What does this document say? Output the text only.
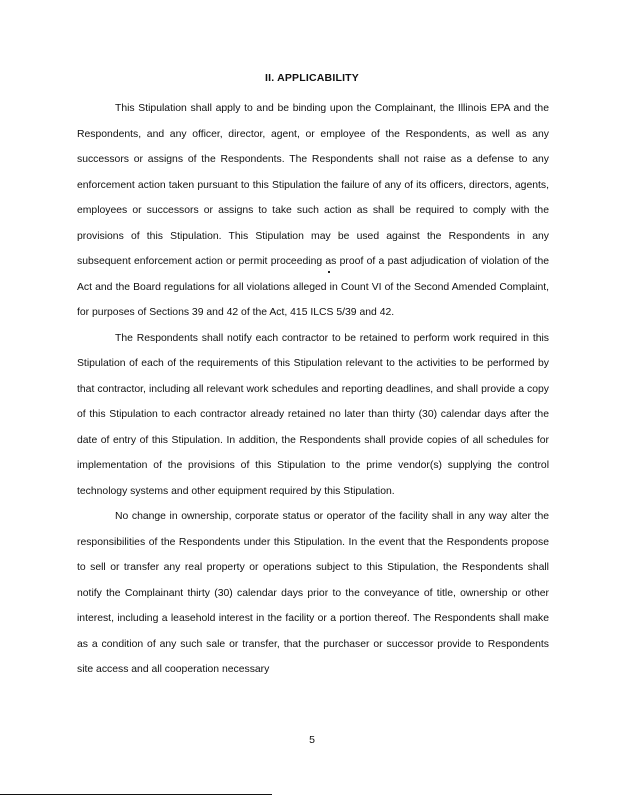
II. APPLICABILITY

This Stipulation shall apply to and be binding upon the Complainant, the Illinois EPA and the Respondents, and any officer, director, agent, or employee of the Respondents, as well as any successors or assigns of the Respondents. The Respondents shall not raise as a defense to any enforcement action taken pursuant to this Stipulation the failure of any of its officers, directors, agents, employees or successors or assigns to take such action as shall be required to comply with the provisions of this Stipulation. This Stipulation may be used against the Respondents in any subsequent enforcement action or permit proceeding as proof of a past adjudication of violation of the Act and the Board regulations for all violations alleged in Count VI of the Second Amended Complaint, for purposes of Sections 39 and 42 of the Act, 415 ILCS 5/39 and 42.

The Respondents shall notify each contractor to be retained to perform work required in this Stipulation of each of the requirements of this Stipulation relevant to the activities to be performed by that contractor, including all relevant work schedules and reporting deadlines, and shall provide a copy of this Stipulation to each contractor already retained no later than thirty (30) calendar days after the date of entry of this Stipulation. In addition, the Respondents shall provide copies of all schedules for implementation of the provisions of this Stipulation to the prime vendor(s) supplying the control technology systems and other equipment required by this Stipulation.

No change in ownership, corporate status or operator of the facility shall in any way alter the responsibilities of the Respondents under this Stipulation. In the event that the Respondents propose to sell or transfer any real property or operations subject to this Stipulation, the Respondents shall notify the Complainant thirty (30) calendar days prior to the conveyance of title, ownership or other interest, including a leasehold interest in the facility or a portion thereof. The Respondents shall make as a condition of any such sale or transfer, that the purchaser or successor provide to Respondents site access and all cooperation necessary

5
